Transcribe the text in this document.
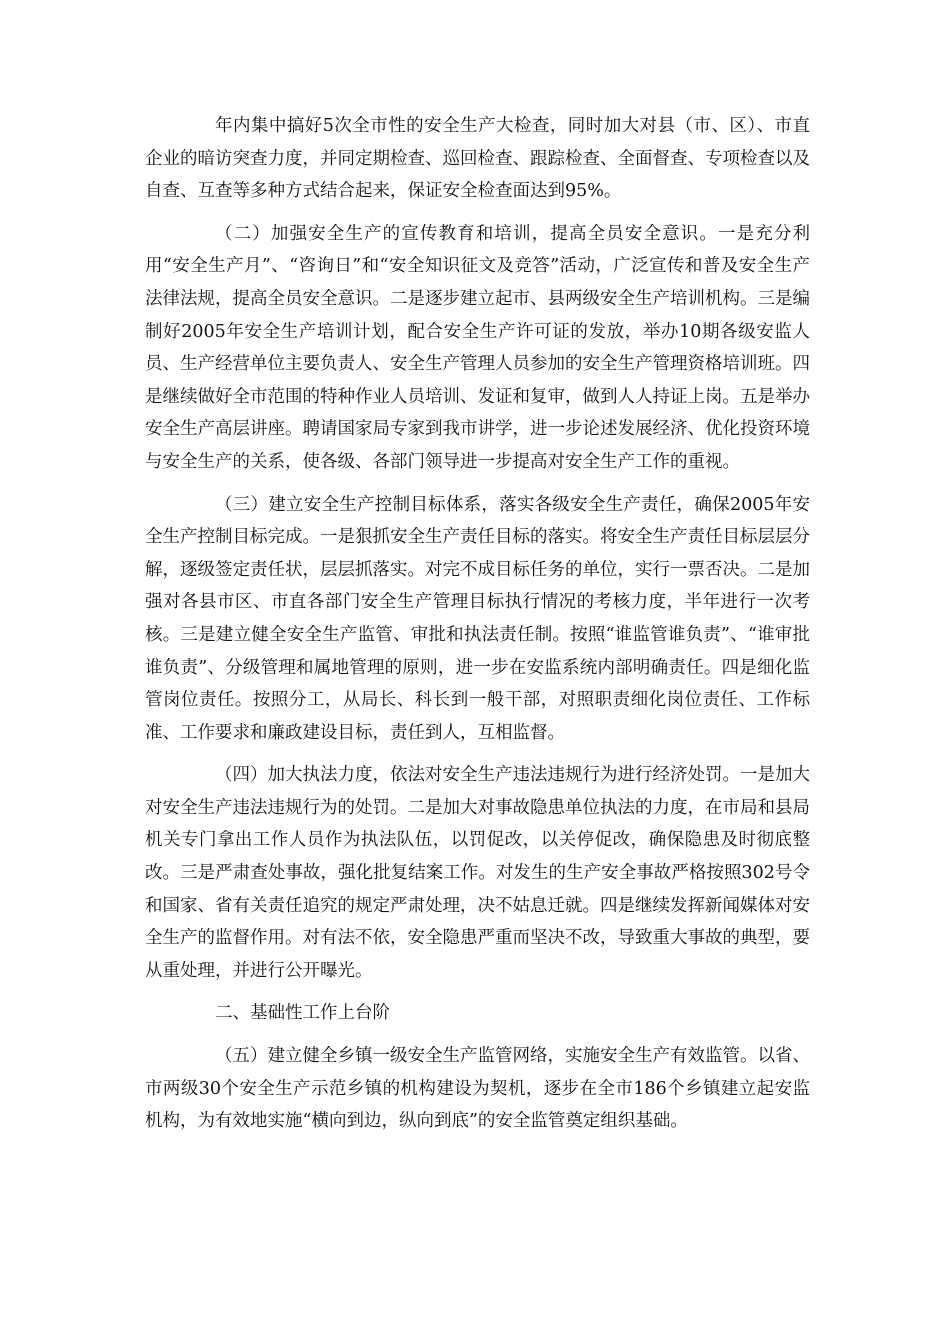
年内集中搞好5次全市性的安全生产大检查，同时加大对县（市、区）、市直企业的暗访突查力度，并同定期检查、巡回检查、跟踪检查、全面督查、专项检查以及自查、互查等多种方式结合起来，保证安全检查面达到95%。

（二）加强安全生产的宣传教育和培训，提高全员安全意识。一是充分利用“安全生产月”、“咨询日”和“安全知识征文及竞答”活动，广泛宣传和普及安全生产法律法规，提高全员安全意识。二是逐步建立起市、县两级安全生产培训机构。三是编制好2005年安全生产培训计划，配合安全生产许可证的发放，举办10期各级安监人员、生产经营单位主要负责人、安全生产管理人员参加的安全生产管理资格培训班。四是继续做好全市范围的特种作业人员培训、发证和复审，做到人人持证上岗。五是举办安全生产高层讲座。聘请国家局专家到我市讲学，进一步论述发展经济、优化投资环境与安全生产的关系，使各级、各部门领导进一步提高对安全生产工作的重视。

（三）建立安全生产控制目标体系，落实各级安全生产责任，确保2005年安全生产控制目标完成。一是狠抓安全生产责任目标的落实。将安全生产责任目标层层分解，逐级签定责任状，层层抓落实。对完不成目标任务的单位，实行一票否决。二是加强对各县市区、市直各部门安全生产管理目标执行情况的考核力度，半年进行一次考核。三是建立健全安全生产监管、审批和执法责任制。按照“谁监管谁负责”、“谁审批谁负责”、分级管理和属地管理的原则，进一步在安监系统内部明确责任。四是细化监管岗位责任。按照分工，从局长、科长到一般干部，对照职责细化岗位责任、工作标准、工作要求和廉政建设目标，责任到人，互相监督。

（四）加大执法力度，依法对安全生产违法违规行为进行经济处罚。一是加大对安全生产违法违规行为的处罚。二是加大对事故隐患单位执法的力度，在市局和县局机关专门拿出工作人员作为执法队伍，以罚促改，以关停促改，确保隐患及时彻底整改。三是严肃查处事故，强化批复结案工作。对发生的生产安全事故严格按照302号令和国家、省有关责任追究的规定严肃处理，决不姑息迁就。四是继续发挥新闻媒体对安全生产的监督作用。对有法不依，安全隐患严重而坚决不改，导致重大事故的典型，要从重处理，并进行公开曝光。

二、基础性工作上台阶

（五）建立健全乡镇一级安全生产监管网络，实施安全生产有效监管。以省、市两级30个安全生产示范乡镇的机构建设为契机，逐步在全市186个乡镇建立起安监机构，为有效地实施“横向到边，纵向到底”的安全监管奠定组织基础。
